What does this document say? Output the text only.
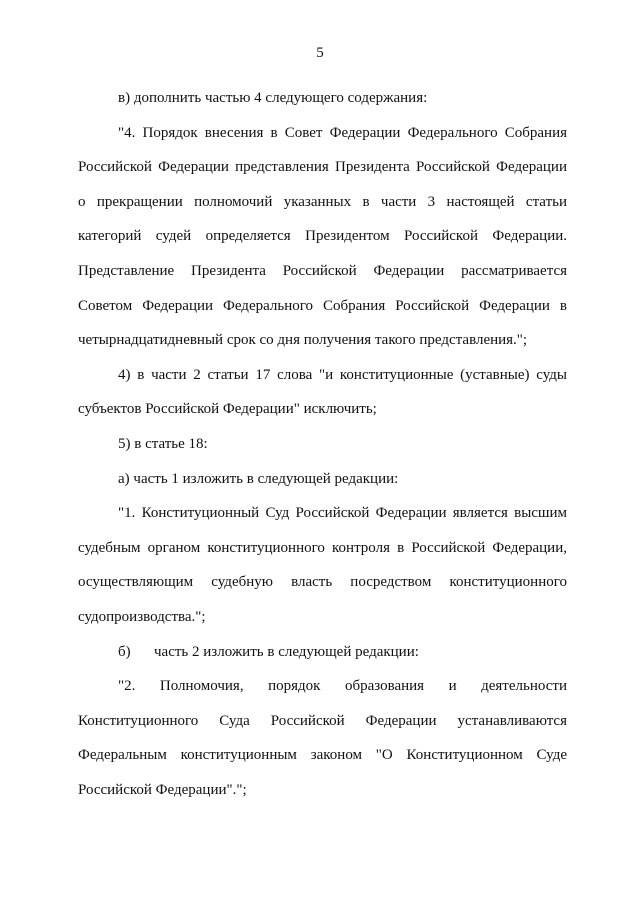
5
в) дополнить частью 4 следующего содержания:
"4. Порядок внесения в Совет Федерации Федерального Собрания
Российской Федерации представления Президента Российской Федерации
о прекращении полномочий указанных в части 3 настоящей статьи
категорий судей определяется Президентом Российской Федерации.
Представление Президента Российской Федерации рассматривается
Советом Федерации Федерального Собрания Российской Федерации в
четырнадцатидневный срок со дня получения такого представления.";
4) в части 2 статьи 17 слова "и конституционные (уставные) суды
субъектов Российской Федерации" исключить;
5) в статье 18:
а) часть 1 изложить в следующей редакции:
"1. Конституционный Суд Российской Федерации является высшим
судебным органом конституционного контроля в Российской Федерации,
осуществляющим судебную власть посредством конституционного
судопроизводства.";
б) часть 2 изложить в следующей редакции:
"2. Полномочия, порядок образования и деятельности
Конституционного Суда Российской Федерации устанавливаются
Федеральным конституционным законом "О Конституционном Суде
Российской Федерации".";
